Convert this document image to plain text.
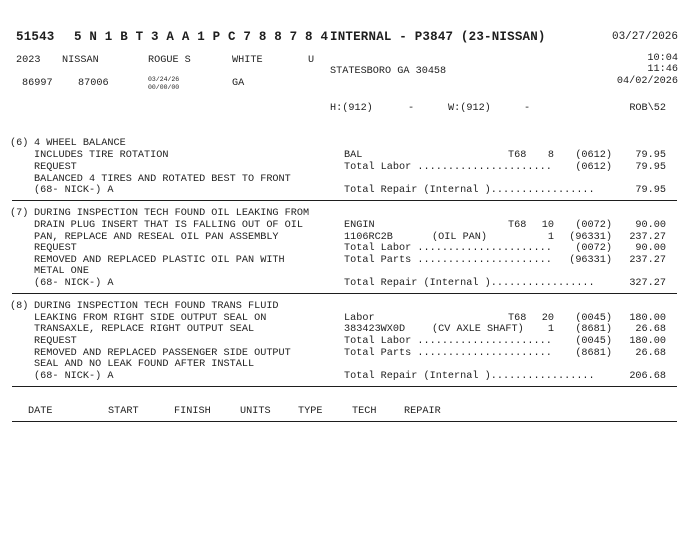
51543 5 N 1 B T 3 A A 1 P C 7 8 8 7 8 4 INTERNAL - P3847 (23-NISSAN)	03/27/2026
2023 NISSAN	ROGUE S	WHITE	U	10:04
STATESBORO GA 30458	11:46
04/02/2026
86997 87006	03/24/26
00/00/00	GA
H:(912)	-	W:(912)	-	ROB\52
(6) 4 WHEEL BALANCE
INCLUDES TIRE ROTATION
REQUEST
BALANCED 4 TIRES AND ROTATED BEST TO FRONT
(68- NICK-) A
BAL	T68	8	(0612)	79.95
Total Labor ......................	(0612)	79.95
Total Repair (Internal ).................	79.95
(7) DURING INSPECTION TECH FOUND OIL LEAKING FROM
DRAIN PLUG INSERT THAT IS FALLING OUT OF OIL
PAN, REPLACE AND RESEAL OIL PAN ASSEMBLY
REQUEST
REMOVED AND REPLACED PLASTIC OIL PAN WITH
METAL ONE
(68- NICK-) A
ENGIN	T68	10	(0072)	90.00
1106RC2B	(OIL PAN)	1	(96331)	237.27
Total Labor ......................	(0072)	90.00
Total Parts ......................	(96331)	237.27
Total Repair (Internal ).................	327.27
(8) DURING INSPECTION TECH FOUND TRANS FLUID
LEAKING FROM RIGHT SIDE OUTPUT SEAL ON
TRANSAXLE, REPLACE RIGHT OUTPUT SEAL
REQUEST
REMOVED AND REPLACED PASSENGER SIDE OUTPUT
SEAL AND NO LEAK FOUND AFTER INSTALL
(68- NICK-) A
Labor	T68	20	(0045)	180.00
383423WX0D	(CV AXLE SHAFT)	1	(8681)	26.68
Total Labor ......................	(0045)	180.00
Total Parts ......................	(8681)	26.68
Total Repair (Internal ).................	206.68
DATE	START	FINISH	UNITS	TYPE	TECH	REPAIR
